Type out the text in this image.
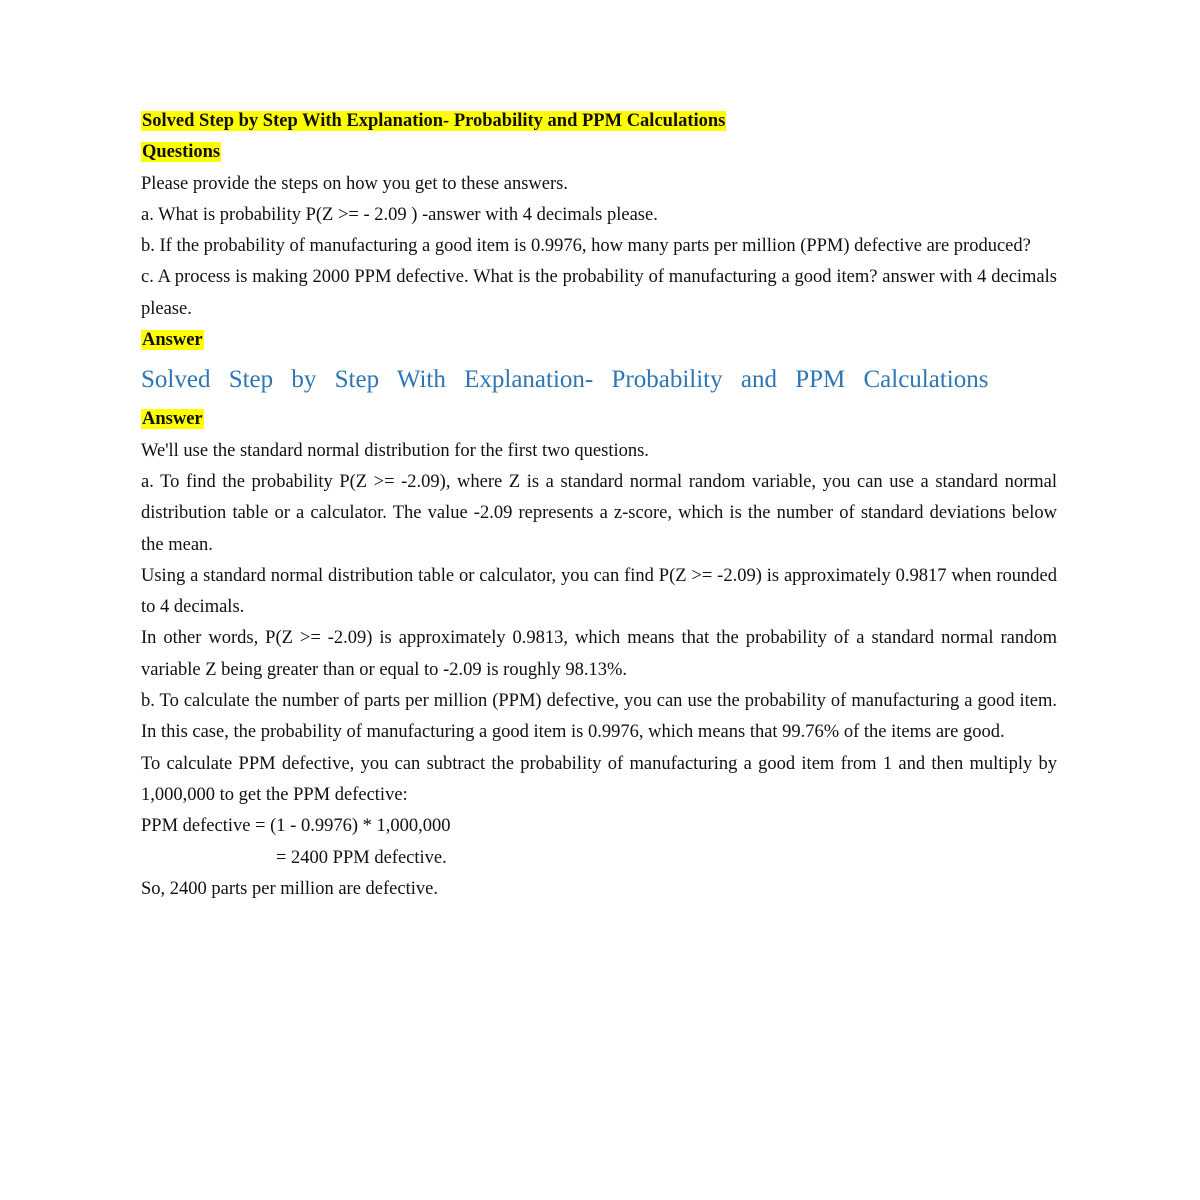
Solved Step by Step With Explanation- Probability and PPM Calculations

Questions

Please provide the steps on how you get to these answers.

a. What is probability P(Z >= - 2.09 ) -answer with 4 decimals please.

b. If the probability of manufacturing a good item is 0.9976, how many parts per million (PPM) defective are produced?

c. A process is making 2000 PPM defective. What is the probability of manufacturing a good item? answer with 4 decimals please.

Answer

Solved Step by Step With Explanation- Probability and PPM Calculations

Answer

We'll use the standard normal distribution for the first two questions.

a. To find the probability P(Z >= -2.09), where Z is a standard normal random variable, you can use a standard normal distribution table or a calculator. The value -2.09 represents a z-score, which is the number of standard deviations below the mean.

Using a standard normal distribution table or calculator, you can find P(Z >= -2.09) is approximately 0.9817 when rounded to 4 decimals.

In other words, P(Z >= -2.09) is approximately 0.9813, which means that the probability of a standard normal random variable Z being greater than or equal to -2.09 is roughly 98.13%.

b. To calculate the number of parts per million (PPM) defective, you can use the probability of manufacturing a good item. In this case, the probability of manufacturing a good item is 0.9976, which means that 99.76% of the items are good.

To calculate PPM defective, you can subtract the probability of manufacturing a good item from 1 and then multiply by 1,000,000 to get the PPM defective:

PPM defective = (1 - 0.9976) * 1,000,000

= 2400 PPM defective.

So, 2400 parts per million are defective.
